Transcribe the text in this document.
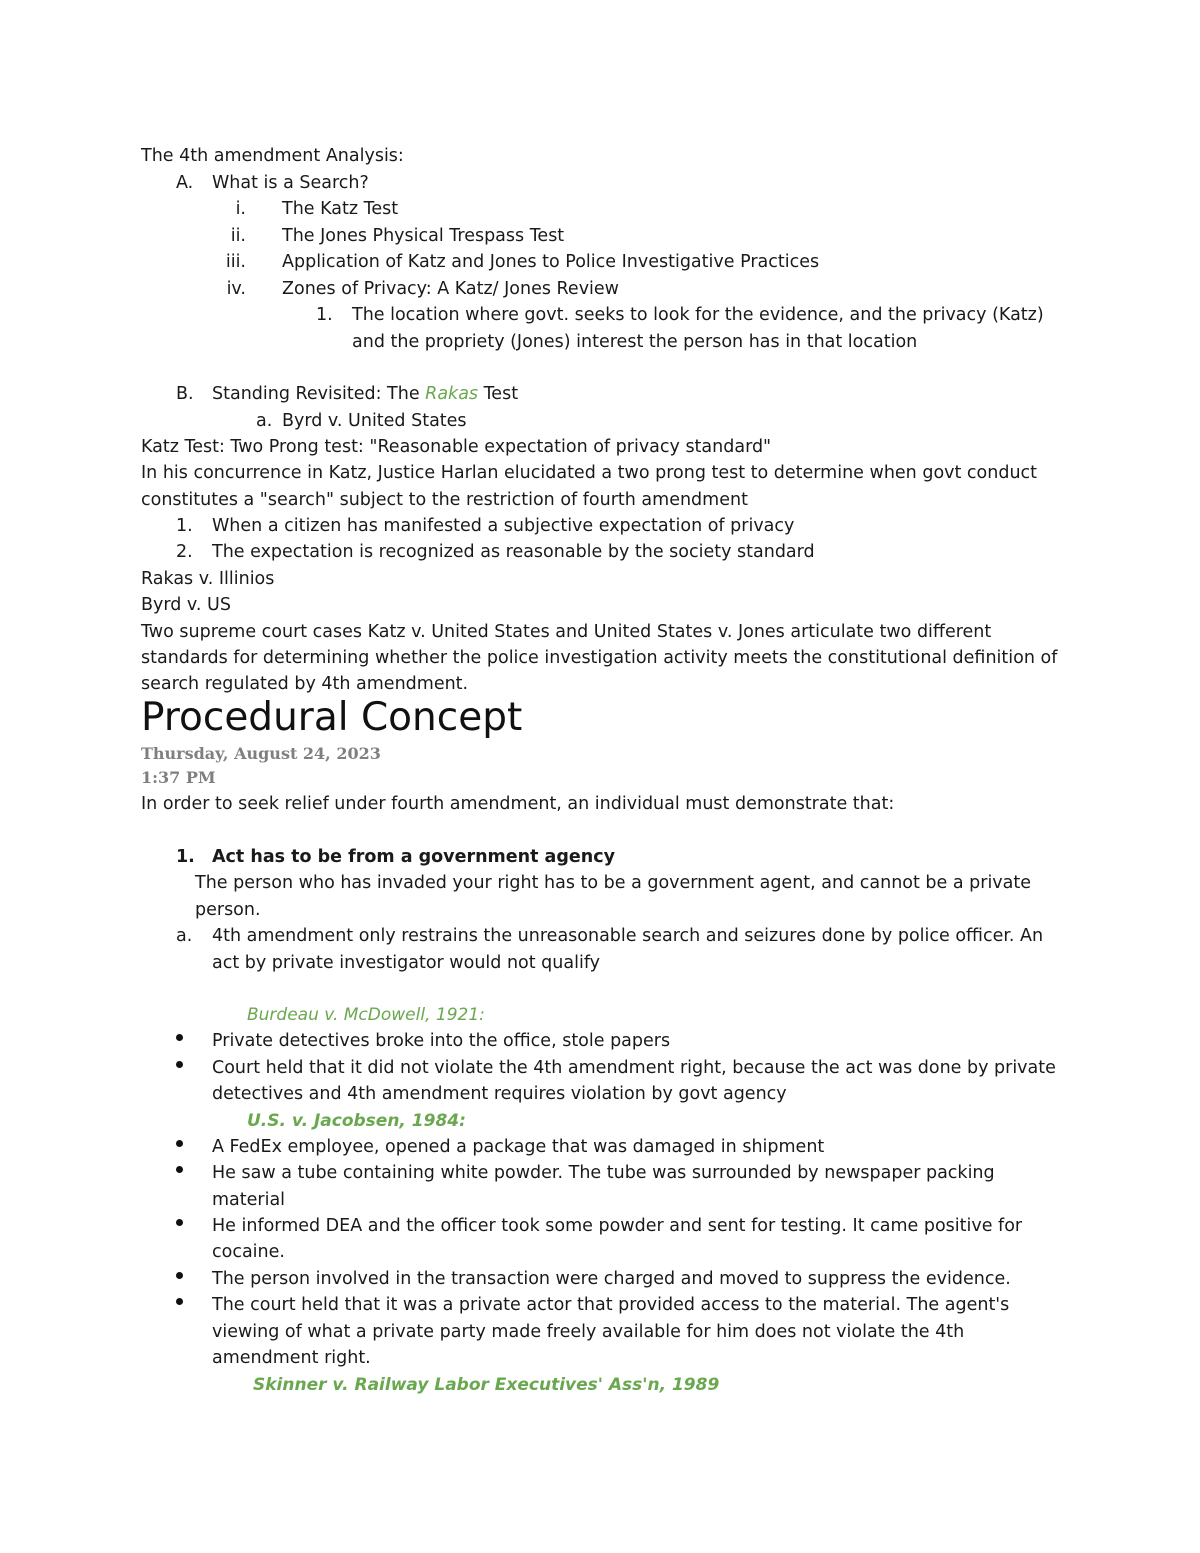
The 4th amendment Analysis:
A. What is a Search?
i. The Katz Test
ii. The Jones Physical Trespass Test
iii. Application of Katz and Jones to Police Investigative Practices
iv. Zones of Privacy: A Katz/ Jones Review
1. The location where govt. seeks to look for the evidence, and the privacy (Katz)
and the propriety (Jones) interest the person has in that location
B. Standing Revisited: The Rakas Test
a. Byrd v. United States
Katz Test: Two Prong test: "Reasonable expectation of privacy standard"
In his concurrence in Katz, Justice Harlan elucidated a two prong test to determine when govt conduct
constitutes a "search" subject to the restriction of fourth amendment
1. When a citizen has manifested a subjective expectation of privacy
2. The expectation is recognized as reasonable by the society standard
Rakas v. Illinios
Byrd v. US
Two supreme court cases Katz v. United States and United States v. Jones articulate two different
standards for determining whether the police investigation activity meets the constitutional definition of
search regulated by 4th amendment.
Procedural Concept
Thursday, August 24, 2023
1:37 PM
In order to seek relief under fourth amendment, an individual must demonstrate that:
1. Act has to be from a government agency
The person who has invaded your right has to be a government agent, and cannot be a private
person.
a. 4th amendment only restrains the unreasonable search and seizures done by police officer. An
act by private investigator would not qualify
Burdeau v. McDowell, 1921:
Private detectives broke into the office, stole papers
Court held that it did not violate the 4th amendment right, because the act was done by private
detectives and 4th amendment requires violation by govt agency
U.S. v. Jacobsen, 1984:
A FedEx employee, opened a package that was damaged in shipment
He saw a tube containing white powder. The tube was surrounded by newspaper packing
material
He informed DEA and the officer took some powder and sent for testing. It came positive for
cocaine.
The person involved in the transaction were charged and moved to suppress the evidence.
The court held that it was a private actor that provided access to the material. The agent's
viewing of what a private party made freely available for him does not violate the 4th
amendment right.
Skinner v. Railway Labor Executives' Ass'n, 1989
